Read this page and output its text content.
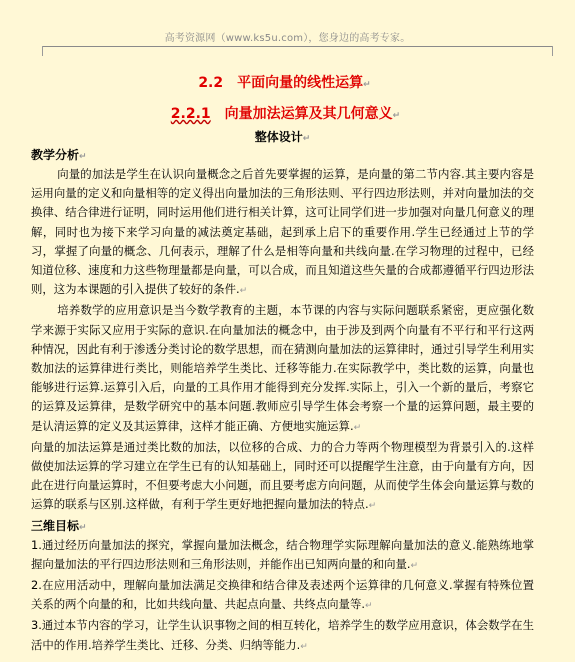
高考资源网（www.ks5u.com），您身边的高考专家。
2.2　平面向量的线性运算↵
2.2.1　向量加法运算及其几何意义↵
整体设计↵
教学分析↵

向量的加法是学生在认识向量概念之后首先要掌握的运算，是向量的第二节内容.其主要内容是运用向量的定义和向量相等的定义得出向量加法的三角形法则、平行四边形法则，并对向量加法的交换律、结合律进行证明，同时运用他们进行相关计算，这可让同学们进一步加强对向量几何意义的理解，同时也为接下来学习向量的减法奠定基础，起到承上启下的重要作用.学生已经通过上节的学习，掌握了向量的概念、几何表示，理解了什么是相等向量和共线向量.在学习物理的过程中，已经知道位移、速度和力这些物理量都是向量，可以合成，而且知道这些矢量的合成都遵循平行四边形法则，这为本课题的引入提供了较好的条件.↵

培养数学的应用意识是当今数学教育的主题，本节课的内容与实际问题联系紧密，更应强化数学来源于实际又应用于实际的意识.在向量加法的概念中，由于涉及到两个向量有不平行和平行这两种情况，因此有利于渗透分类讨论的数学思想，而在猜测向量加法的运算律时，通过引导学生利用实数加法的运算律进行类比，则能培养学生类比、迁移等能力.在实际教学中，类比数的运算，向量也能够进行运算.运算引入后，向量的工具作用才能得到充分发挥.实际上，引入一个新的量后，考察它的运算及运算律，是数学研究中的基本问题.教师应引导学生体会考察一个量的运算问题，最主要的是认清运算的定义及其运算律，这样才能正确、方便地实施运算.↵

向量的加法运算是通过类比数的加法，以位移的合成、力的合力等两个物理模型为背景引入的.这样做使加法运算的学习建立在学生已有的认知基础上，同时还可以提醒学生注意，由于向量有方向，因此在进行向量运算时，不但要考虑大小问题，而且要考虑方向问题，从而使学生体会向量运算与数的运算的联系与区别.这样做，有利于学生更好地把握向量加法的特点.↵

三维目标↵

1.通过经历向量加法的探究，掌握向量加法概念，结合物理学实际理解向量加法的意义.能熟练地掌握向量加法的平行四边形法则和三角形法则，并能作出已知两向量的和向量.↵

2.在应用活动中，理解向量加法满足交换律和结合律及表述两个运算律的几何意义.掌握有特殊位置关系的两个向量的和，比如共线向量、共起点向量、共终点向量等.↵

3.通过本节内容的学习，让学生认识事物之间的相互转化，培养学生的数学应用意识，体会数学在生活中的作用.培养学生类比、迁移、分类、归纳等能力.↵
